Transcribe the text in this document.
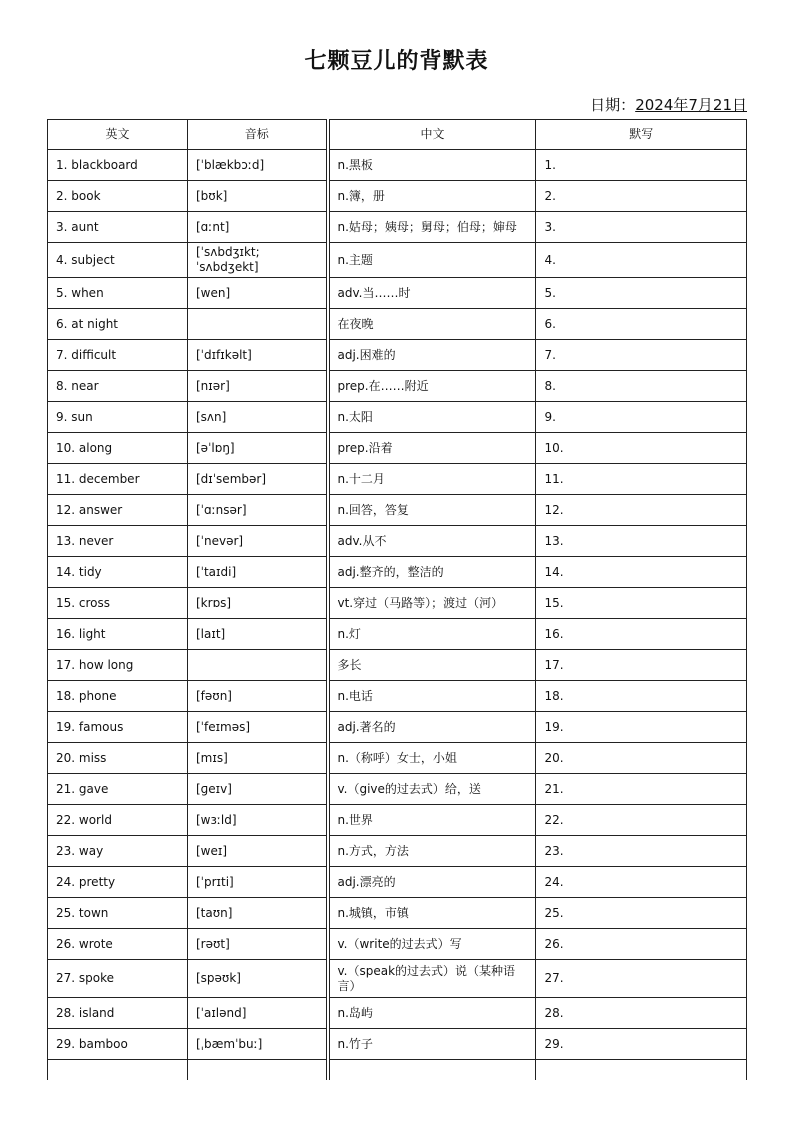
七颗豆儿的背默表
日期：2024年7月21日
英文	音标	中文	默写
1. blackboard	[ˈblækbɔːd]	n.黑板	1.
2. book	[bʊk]	n.簿，册	2.
3. aunt	[ɑːnt]	n.姑母；姨母；舅母；伯母；婶母	3.
4. subject	[ˈsʌbdʒɪkt; ˈsʌbdʒekt]	n.主题	4.
5. when	[wen]	adv.当……时	5.
6. at night		在夜晚	6.
7. difficult	[ˈdɪfɪkəlt]	adj.困难的	7.
8. near	[nɪər]	prep.在……附近	8.
9. sun	[sʌn]	n.太阳	9.
10. along	[əˈlɒŋ]	prep.沿着	10.
11. december	[dɪˈsembər]	n.十二月	11.
12. answer	[ˈɑːnsər]	n.回答，答复	12.
13. never	[ˈnevər]	adv.从不	13.
14. tidy	[ˈtaɪdi]	adj.整齐的，整洁的	14.
15. cross	[krɒs]	vt.穿过（马路等）；渡过（河）	15.
16. light	[laɪt]	n.灯	16.
17. how long		多长	17.
18. phone	[fəʊn]	n.电话	18.
19. famous	[ˈfeɪməs]	adj.著名的	19.
20. miss	[mɪs]	n.（称呼）女士，小姐	20.
21. gave	[ɡeɪv]	v.（give的过去式）给，送	21.
22. world	[wɜːld]	n.世界	22.
23. way	[weɪ]	n.方式，方法	23.
24. pretty	[ˈprɪti]	adj.漂亮的	24.
25. town	[taʊn]	n.城镇，市镇	25.
26. wrote	[rəʊt]	v.（write的过去式）写	26.
27. spoke	[spəʊk]	v.（speak的过去式）说（某种语言）	27.
28. island	[ˈaɪlənd]	n.岛屿	28.
29. bamboo	[ˌbæmˈbuː]	n.竹子	29.
